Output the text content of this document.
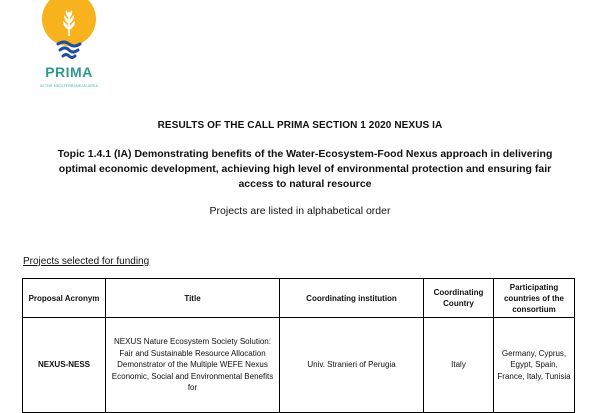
PRIMA
IN THE MEDITERRANEAN AREA
RESULTS OF THE CALL PRIMA SECTION 1 2020 NEXUS IA
Topic 1.4.1 (IA) Demonstrating benefits of the Water-Ecosystem-Food Nexus approach in delivering optimal economic development, achieving high level of environmental protection and ensuring fair access to natural resource
Projects are listed in alphabetical order
Projects selected for funding
Proposal Acronym	Title	Coordinating institution	Coordinating Country	Participating countries of the consortium
NEXUS-NESS	NEXUS Nature Ecosystem Society Solution: Fair and Sustainable Resource Allocation Demonstrator of the Multiple WEFE Nexus Economic, Social and Environmental Benefits for	Univ. Stranieri of Perugia	Italy	Germany, Cyprus, Egypt, Spain, France, Italy, Tunisia
